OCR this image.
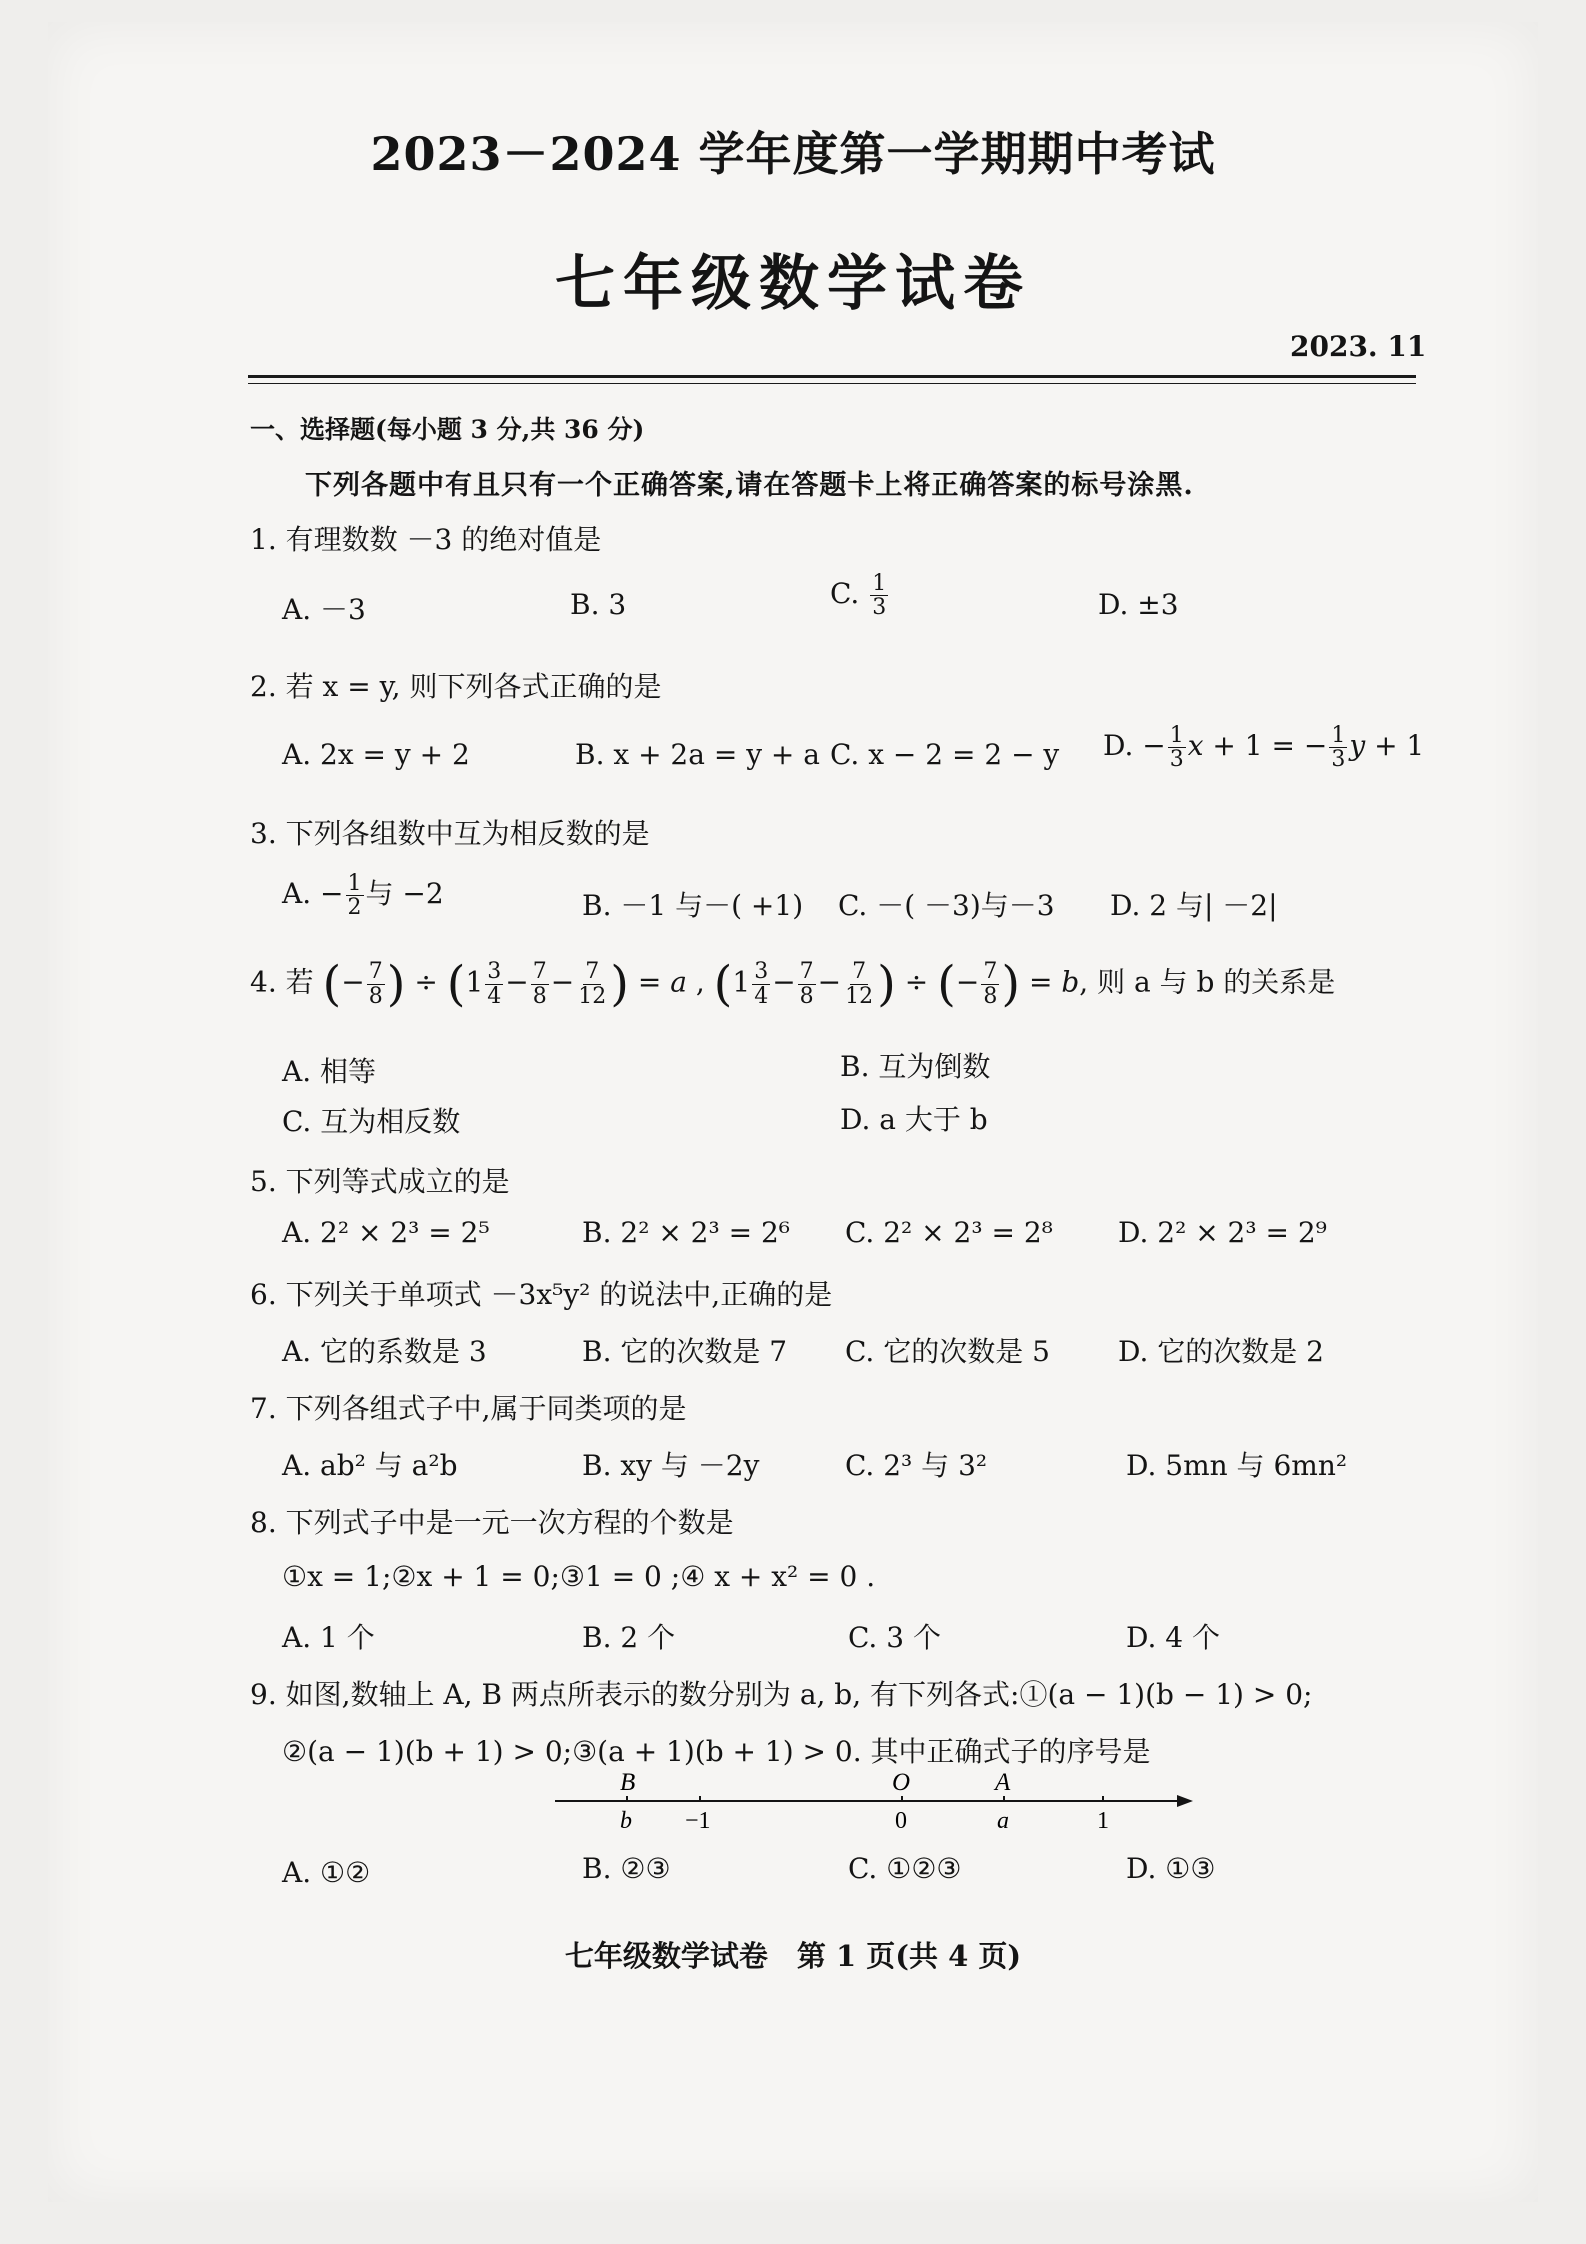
2023－2024 学年度第一学期期中考试
七年级数学试卷
2023. 11
一、选择题(每小题 3 分,共 36 分)
下列各题中有且只有一个正确答案,请在答题卡上将正确答案的标号涂黑.
1. 有理数数 －3 的绝对值是
A. －3	B. 3	C. $\frac{1}{3}$	D. ±3
2. 若 x = y, 则下列各式正确的是
A. 2x = y + 2	B. x + 2a = y + a C. x − 2 = 2 − y D. − $\frac{1}{3}$ x + 1 = − $\frac{1}{3}$ y + 1
3. 下列各组数中互为相反数的是
A. − $\frac{1}{2}$ 与 −2	B. －1 与－( +1) C. －( －3)与－3 D. 2 与| －2|
4. 若 (− $\frac{7}{8}$ ) ÷ ($1 \frac{3}{4} - \frac{7}{8} - \frac{7}{12}$ ) = a , ($1 \frac{3}{4} - \frac{7}{8} - \frac{7}{12}$ ) ÷ (− $\frac{7}{8}$ ) = b, 则 a 与 b 的关系是
A. 相等	B. 互为倒数
C. 互为相反数	D. a 大于 b
5. 下列等式成立的是
A. 2² × 2³ = 2⁵	B. 2² × 2³ = 2⁶ C. 2² × 2³ = 2⁸ D. 2² × 2³ = 2⁹
6. 下列关于单项式 －3x⁵y² 的说法中,正确的是
A. 它的系数是 3	B. 它的次数是 7 C. 它的次数是 5 D. 它的次数是 2
7. 下列各组式子中,属于同类项的是
A. ab² 与 a²b	B. xy 与 －2y	C. 2³ 与 3²	D. 5mn 与 6mn²
8. 下列式子中是一元一次方程的个数是
①x = 1;②x + 1 = 0;③1 = 0 ;④ x + x² = 0 .
A. 1 个	B. 2 个	C. 3 个	D. 4 个
9. 如图,数轴上 A, B 两点所表示的数分别为 a, b, 有下列各式:①(a − 1)(b − 1) > 0;
②(a − 1)(b + 1) > 0;③(a + 1)(b + 1) > 0. 其中正确式子的序号是
B	O	A
b −1	0	a	1
A. ①②	B. ②③	C. ①②③	D. ①③
七年级数学试卷　第 1 页(共 4 页)
